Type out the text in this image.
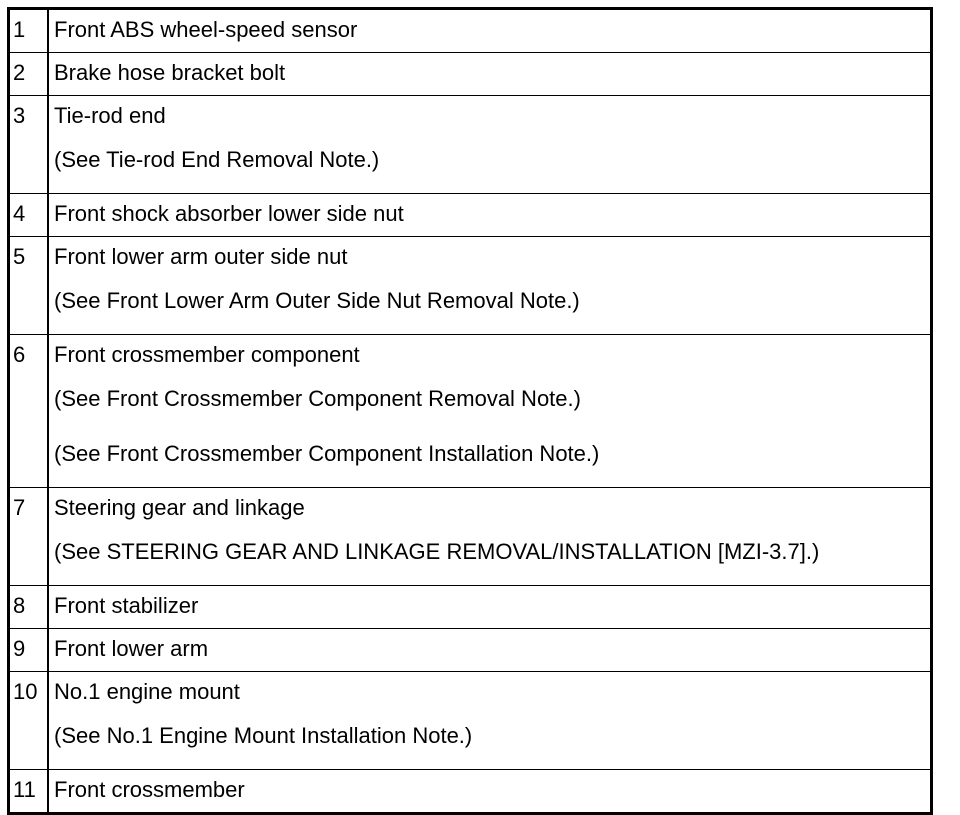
1	Front ABS wheel-speed sensor

2	Brake hose bracket bolt

3	Tie-rod end
(See Tie-rod End Removal Note.)

4	Front shock absorber lower side nut

5	Front lower arm outer side nut
(See Front Lower Arm Outer Side Nut Removal Note.)

6	Front crossmember component
(See Front Crossmember Component Removal Note.)
(See Front Crossmember Component Installation Note.)

7	Steering gear and linkage
(See STEERING GEAR AND LINKAGE REMOVAL/INSTALLATION [MZI-3.7].)

8	Front stabilizer

9	Front lower arm

10	No.1 engine mount
(See No.1 Engine Mount Installation Note.)

11	Front crossmember
